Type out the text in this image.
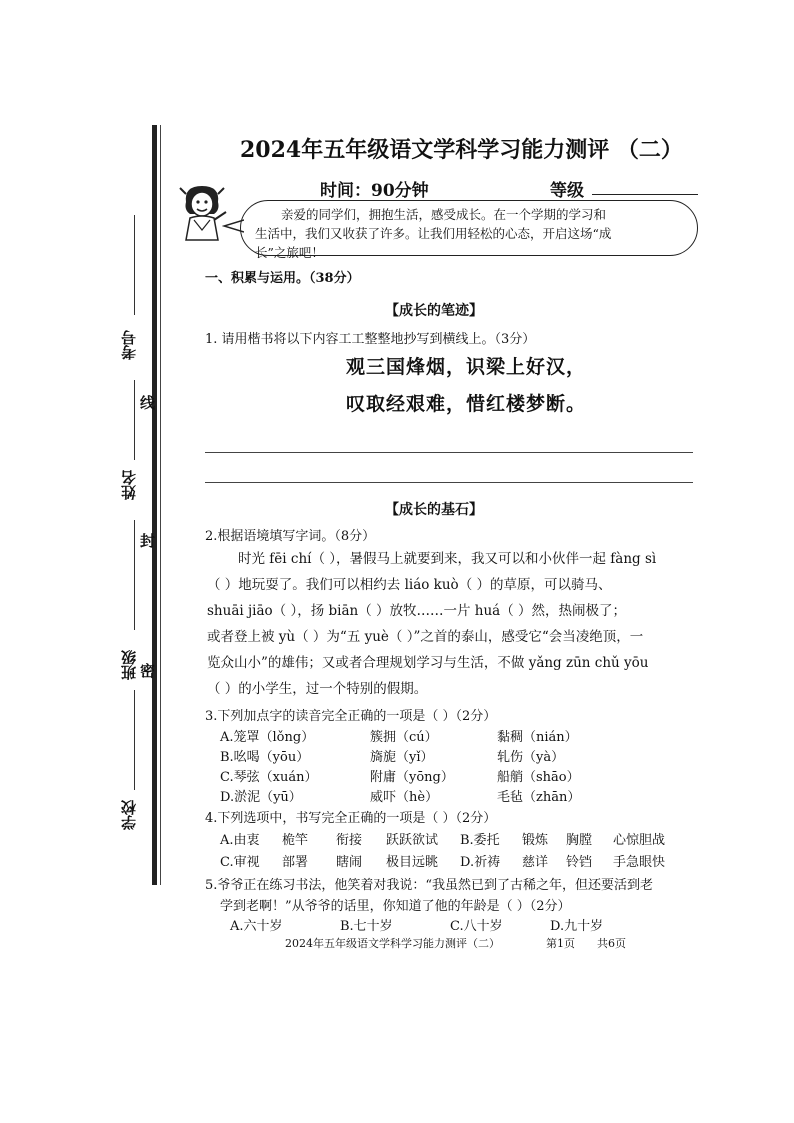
考号
线
姓名
封
班级 密
学校
2024年五年级语文学科学习能力测评 （二）
时间：90分钟	等级
亲爱的同学们，拥抱生活，感受成长。在一个学期的学习和
生活中，我们又收获了许多。让我们用轻松的心态，开启这场“成
长”之旅吧！
一、积累与运用。（38分）
【成长的笔迹】
1. 请用楷书将以下内容工工整整地抄写到横线上。（3分）
观三国烽烟，识梁上好汉，
叹取经艰难，惜红楼梦断。
【成长的基石】
2.根据语境填写字词。（8分）
时光 fēi chí（ ），暑假马上就要到来，我又可以和小伙伴一起 fàng sì
（ ）地玩耍了。我们可以相约去 liáo kuò（ ）的草原，可以骑马、
shuāi jiāo（ ），扬 biān（ ）放牧……一片 huá（ ）然，热闹极了；
或者登上被 yù（ ）为“五 yuè（ ）”之首的泰山，感受它“会当凌绝顶，一
览众山小”的雄伟；又或者合理规划学习与生活，不做 yǎng zūn chǔ yōu
（ ）的小学生，过一个特别的假期。
3.下列加点字的读音完全正确的一项是（ ）（2分）
A.笼罩（lǒng）	簇拥（cú）	黏稠（nián）
B.吆喝（yōu）	旖旎（yǐ）	轧伤（yà）
C.琴弦（xuán）	附庸（yōng）	船艄（shāo）
D.淤泥（yū）	威吓（hè）	毛毡（zhān）
4.下列选项中，书写完全正确的一项是（ ）（2分）
A.由衷 桅竿 衔接 跃跃欲试 B.委托 锻炼 胸膛 心惊胆战
C.审视 部署 瞎闹 极目远眺 D.祈祷 慈详 铃铛 手急眼快
5.爷爷正在练习书法，他笑着对我说：“我虽然已到了古稀之年，但还要活到老
学到老啊！”从爷爷的话里，你知道了他的年龄是（ ）（2分）
A.六十岁	B.七十岁	C.八十岁	D.九十岁
2024年五年级语文学科学习能力测评（二）	第1页 共6页
